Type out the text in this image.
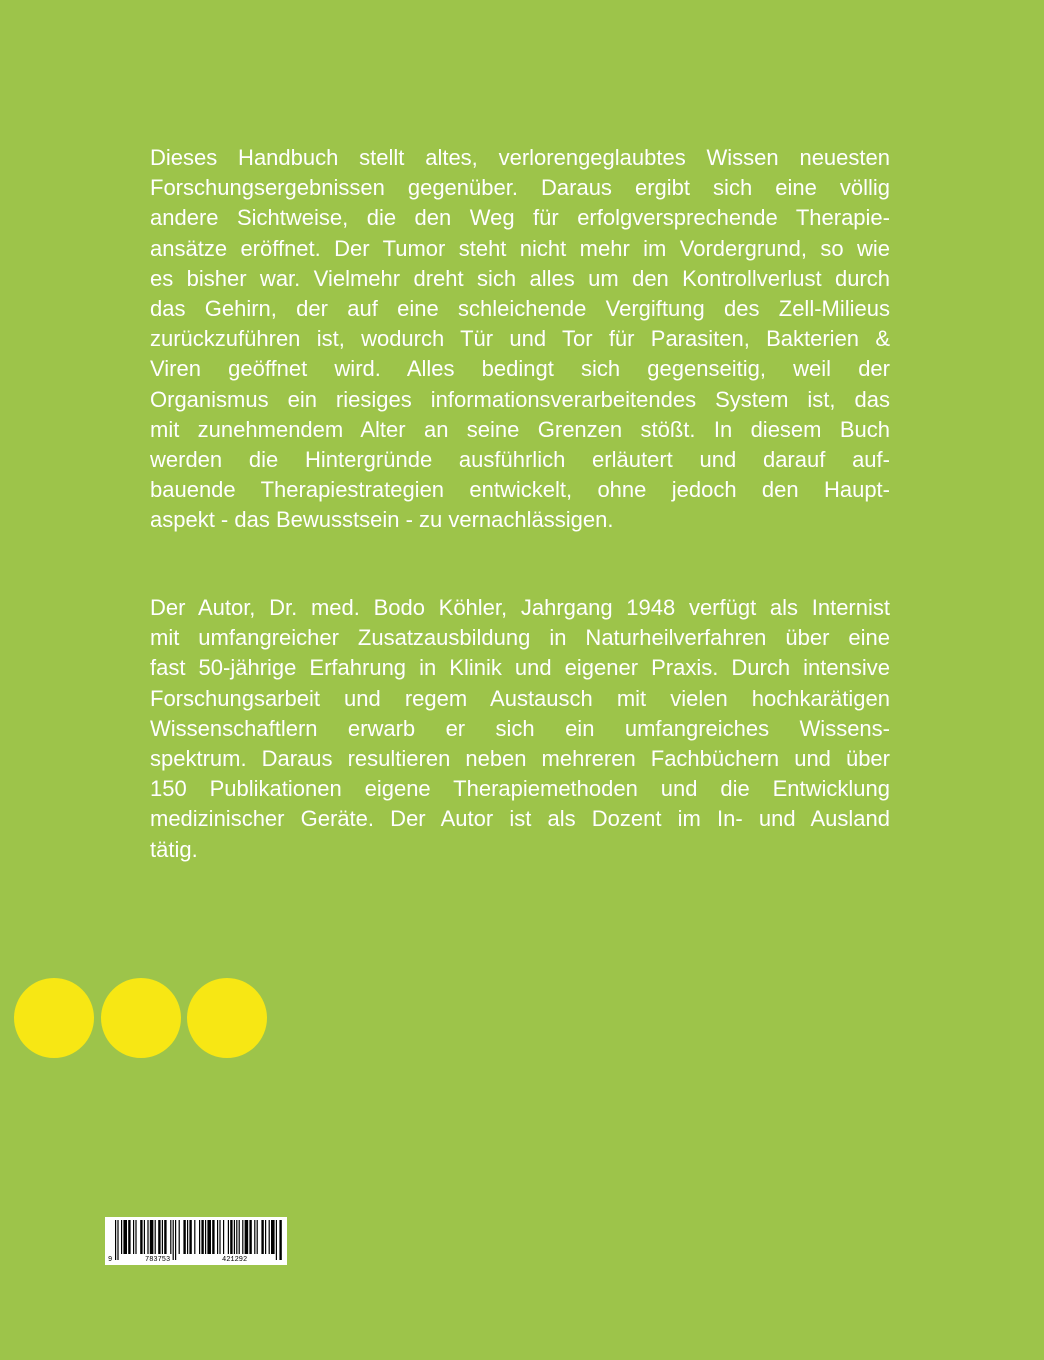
Dieses Handbuch stellt altes, verlorengeglaubtes Wissen neuesten
Forschungsergebnissen gegenüber. Daraus ergibt sich eine völlig
andere Sichtweise, die den Weg für erfolgversprechende Therapie-
ansätze eröffnet. Der Tumor steht nicht mehr im Vordergrund, so wie
es bisher war. Vielmehr dreht sich alles um den Kontrollverlust durch
das Gehirn, der auf eine schleichende Vergiftung des Zell-Milieus
zurückzuführen ist, wodurch Tür und Tor für Parasiten, Bakterien &
Viren geöffnet wird. Alles bedingt sich gegenseitig, weil der
Organismus ein riesiges informationsverarbeitendes System ist, das
mit zunehmendem Alter an seine Grenzen stößt. In diesem Buch
werden die Hintergründe ausführlich erläutert und darauf auf-
bauende Therapiestrategien entwickelt, ohne jedoch den Haupt-
aspekt - das Bewusstsein - zu vernachlässigen.
Der Autor, Dr. med. Bodo Köhler, Jahrgang 1948 verfügt als Internist
mit umfangreicher Zusatzausbildung in Naturheilverfahren über eine
fast 50-jährige Erfahrung in Klinik und eigener Praxis. Durch intensive
Forschungsarbeit und regem Austausch mit vielen hochkarätigen
Wissenschaftlern erwarb er sich ein umfangreiches Wissens-
spektrum. Daraus resultieren neben mehreren Fachbüchern und über
150 Publikationen eigene Therapiemethoden und die Entwicklung
medizinischer Geräte. Der Autor ist als Dozent im In- und Ausland
tätig.
9	783753	421292
